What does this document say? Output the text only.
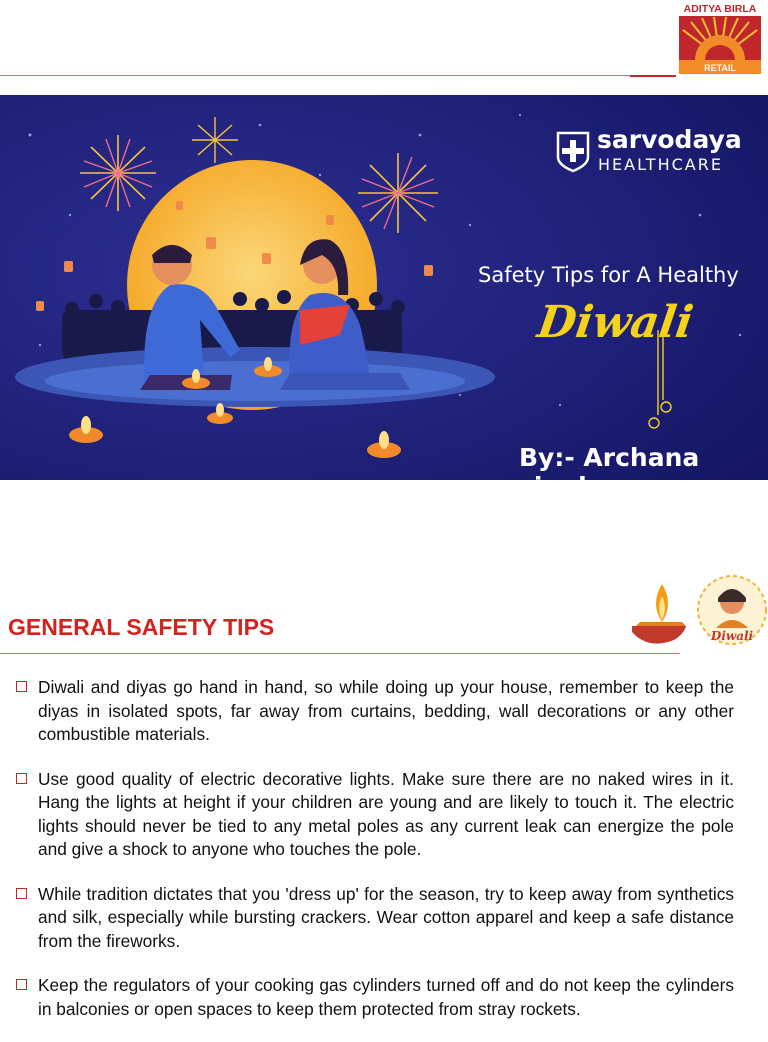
ADITYA BIRLA
RETAIL
sarvodaya
HEALTHCARE
Safety Tips for A Healthy
Diwali
By:- Archana singh
GENERAL SAFETY TIPS	Diwali
Diwali and diyas go hand in hand, so while doing up your house, remember to keep the diyas in isolated spots, far away from curtains, bedding, wall decorations or any other combustible materials.
Use good quality of electric decorative lights. Make sure there are no naked wires in it. Hang the lights at height if your children are young and are likely to touch it. The electric lights should never be tied to any metal poles as any current leak can energize the pole and give a shock to anyone who touches the pole.
While tradition dictates that you 'dress up' for the season, try to keep away from synthetics and silk, especially while bursting crackers. Wear cotton apparel and keep a safe distance from the fireworks.
Keep the regulators of your cooking gas cylinders turned off and do not keep the cylinders in balconies or open spaces to keep them protected from stray rockets.
